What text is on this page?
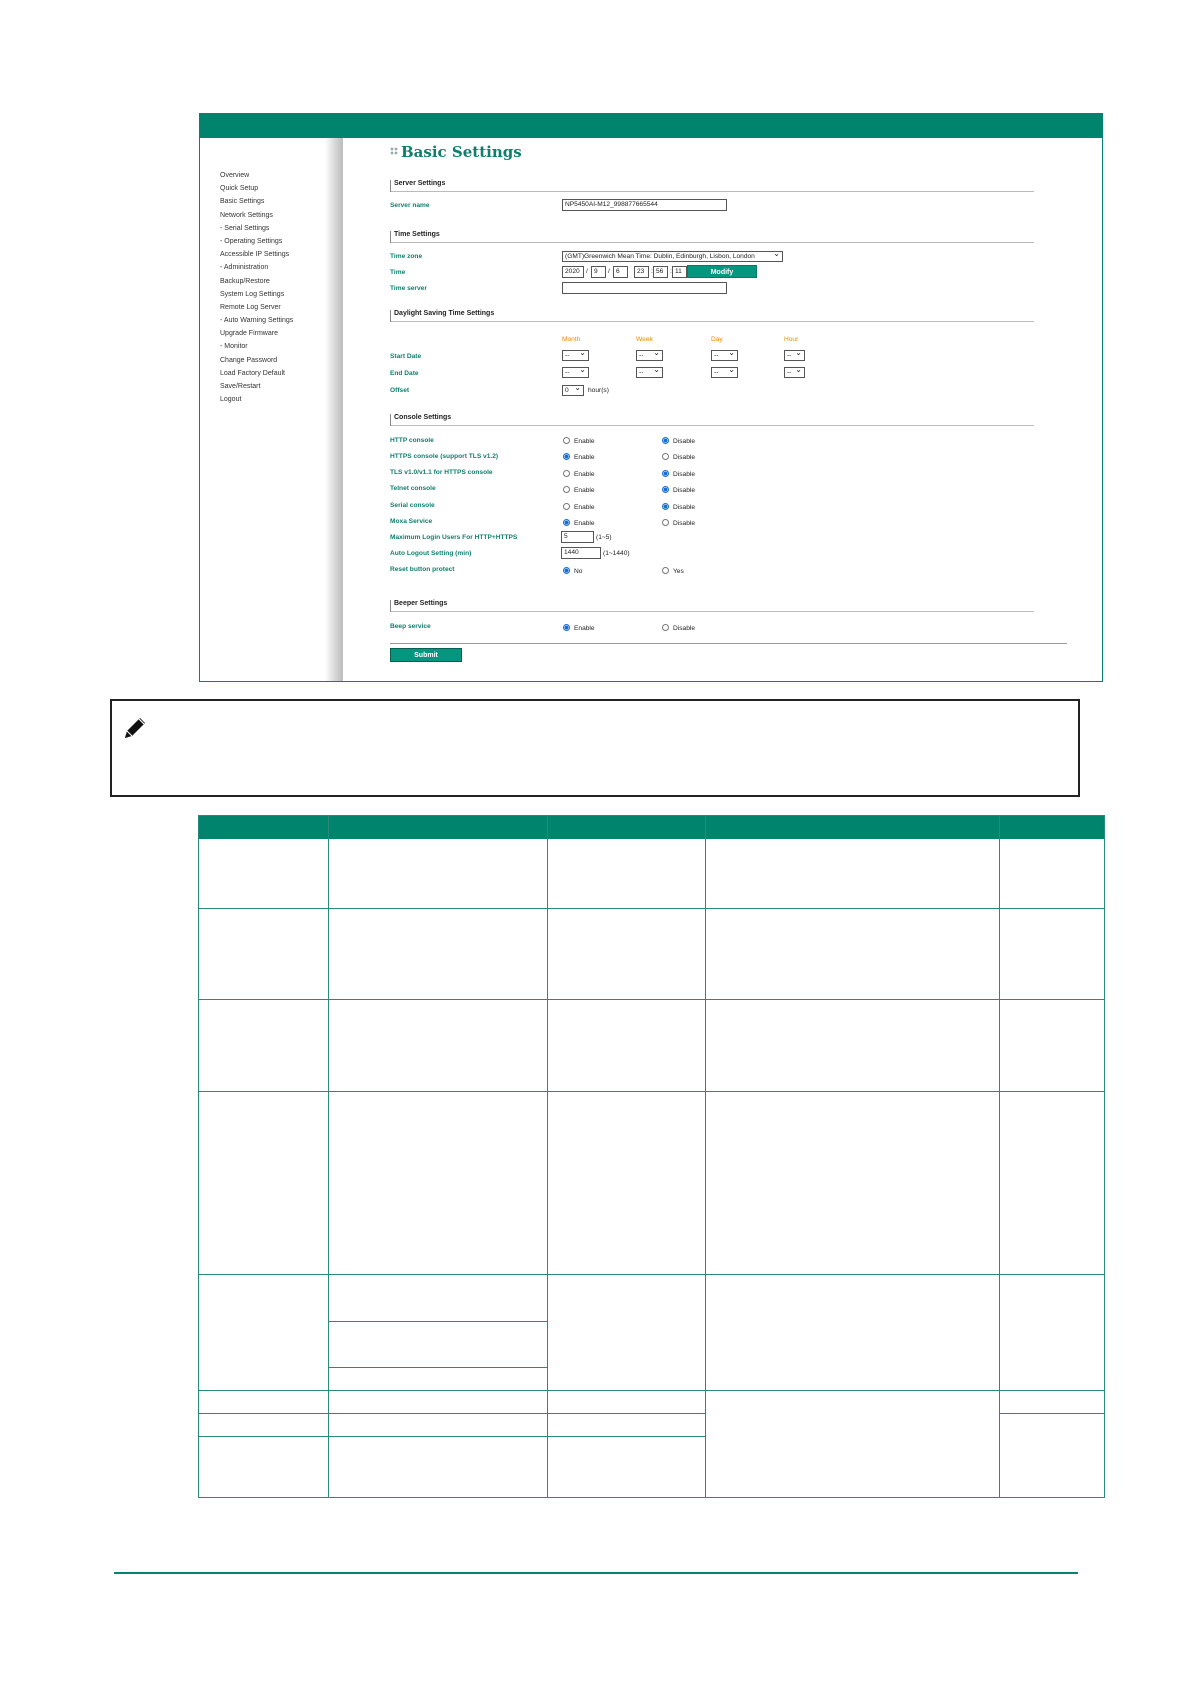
Overview
Quick Setup
Basic Settings
Network Settings
- Serial Settings
- Operating Settings
Accessible IP Settings
- Administration
Backup/Restore
System Log Settings
Remote Log Server
- Auto Warning Settings
Upgrade Firmware
- Monitor
Change Password
Load Factory Default
Save/Restart
Logout
Basic Settings
Server Settings
Server name	NP5450AI-M12_998877665544
Time Settings
Time zone	(GMT)Greenwich Mean Time: Dublin, Edinburgh, Lisbon, London ⌄
Time	2020 / 9	/ 6	23	: 56	: 11	Modify
Time server
Daylight Saving Time Settings
Month	Week	Day	Hour
Start Date	-- ⌄	-- ⌄	-- ⌄	-- ⌄
End Date	-- ⌄	-- ⌄	-- ⌄	-- ⌄
Offset	0 ⌄	hour(s)
Console Settings
HTTP console	Enable	Disable
HTTPS console (support TLS v1.2)	Enable	Disable
TLS v1.0/v1.1 for HTTPS console	Enable	Disable
Telnet console	Enable	Disable
Serial console	Enable	Disable
Moxa Service	Enable	Disable
Maximum Login Users For HTTP+HTTPS	5	(1~5)
Auto Logout Setting (min)	1440	(1~1440)
Reset button protect	No	Yes
Beeper Settings
Beep service	Enable	Disable
Submit
